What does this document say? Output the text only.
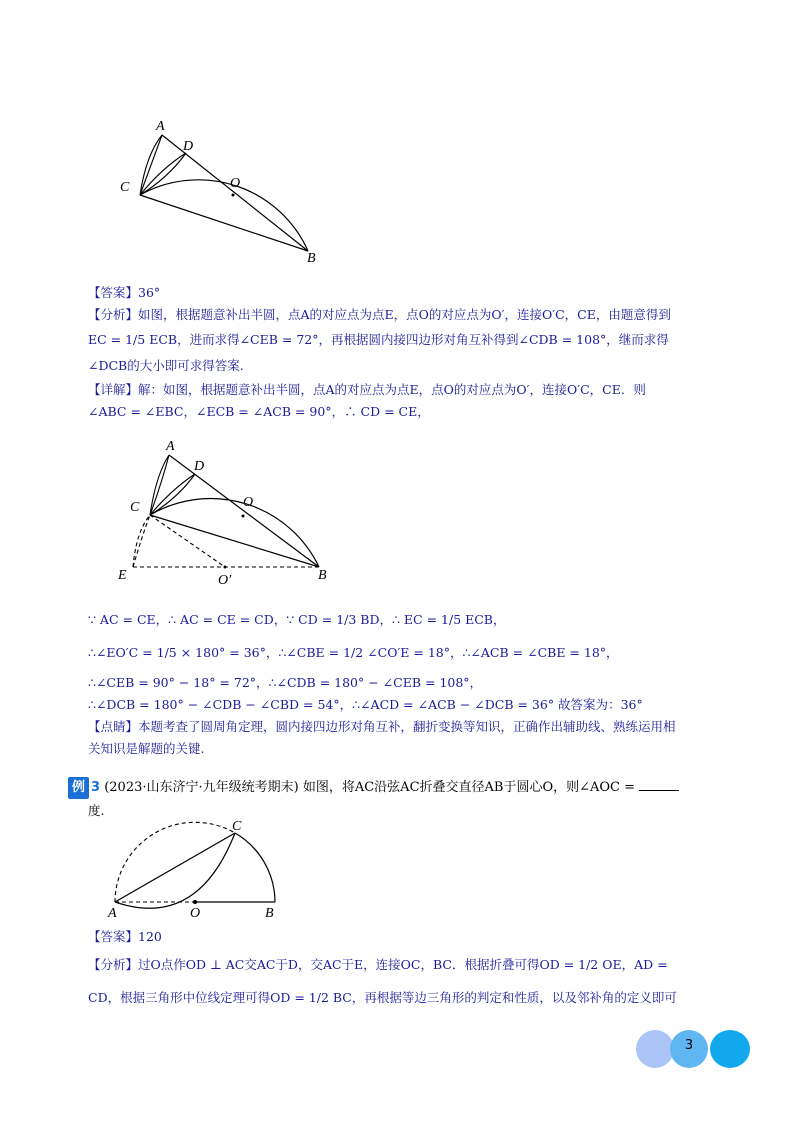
A
D
C	O
B
【答案】36°
【分析】如图，根据题意补出半圆，点A的对应点为点E，点O的对应点为O′，连接O′C，CE，由题意得到
EC = 1/5 ECB，进而求得∠CEB = 72°，再根据圆内接四边形对角互补得到∠CDB = 108°，继而求得
∠DCB的大小即可求得答案.
【详解】解：如图，根据题意补出半圆，点A的对应点为点E，点O的对应点为O′，连接O′C，CE．则
∠ABC = ∠EBC，∠ECB = ∠ACB = 90°，∴ CD = CE，
A
D
C	O
E	O′	B
∵ AC = CE，∴ AC = CE = CD，∵ CD = 1/3 BD，∴ EC = 1/5 ECB，
∴∠EO′C = 1/5 × 180° = 36°，∴∠CBE = 1/2 ∠CO′E = 18°，∴∠ACB = ∠CBE = 18°，
∴∠CEB = 90° − 18° = 72°，∴∠CDB = 180° − ∠CEB = 108°，
∴∠DCB = 180° − ∠CDB − ∠CBD = 54°，∴∠ACD = ∠ACB − ∠DCB = 36° 故答案为：36°
【点睛】本题考查了圆周角定理，圆内接四边形对角互补，翻折变换等知识，正确作出辅助线、熟练运用相
关知识是解题的关键.
例 3 (2023·山东济宁·九年级统考期末) 如图，将AC沿弦AC折叠交直径AB于圆心O，则∠AOC =
度.
C
A	O	B
【答案】120
【分析】过O点作OD ⊥ AC交AC于D，交AC于E，连接OC，BC．根据折叠可得OD = 1/2 OE，AD =
CD，根据三角形中位线定理可得OD = 1/2 BC，再根据等边三角形的判定和性质，以及邻补角的定义即可
3
